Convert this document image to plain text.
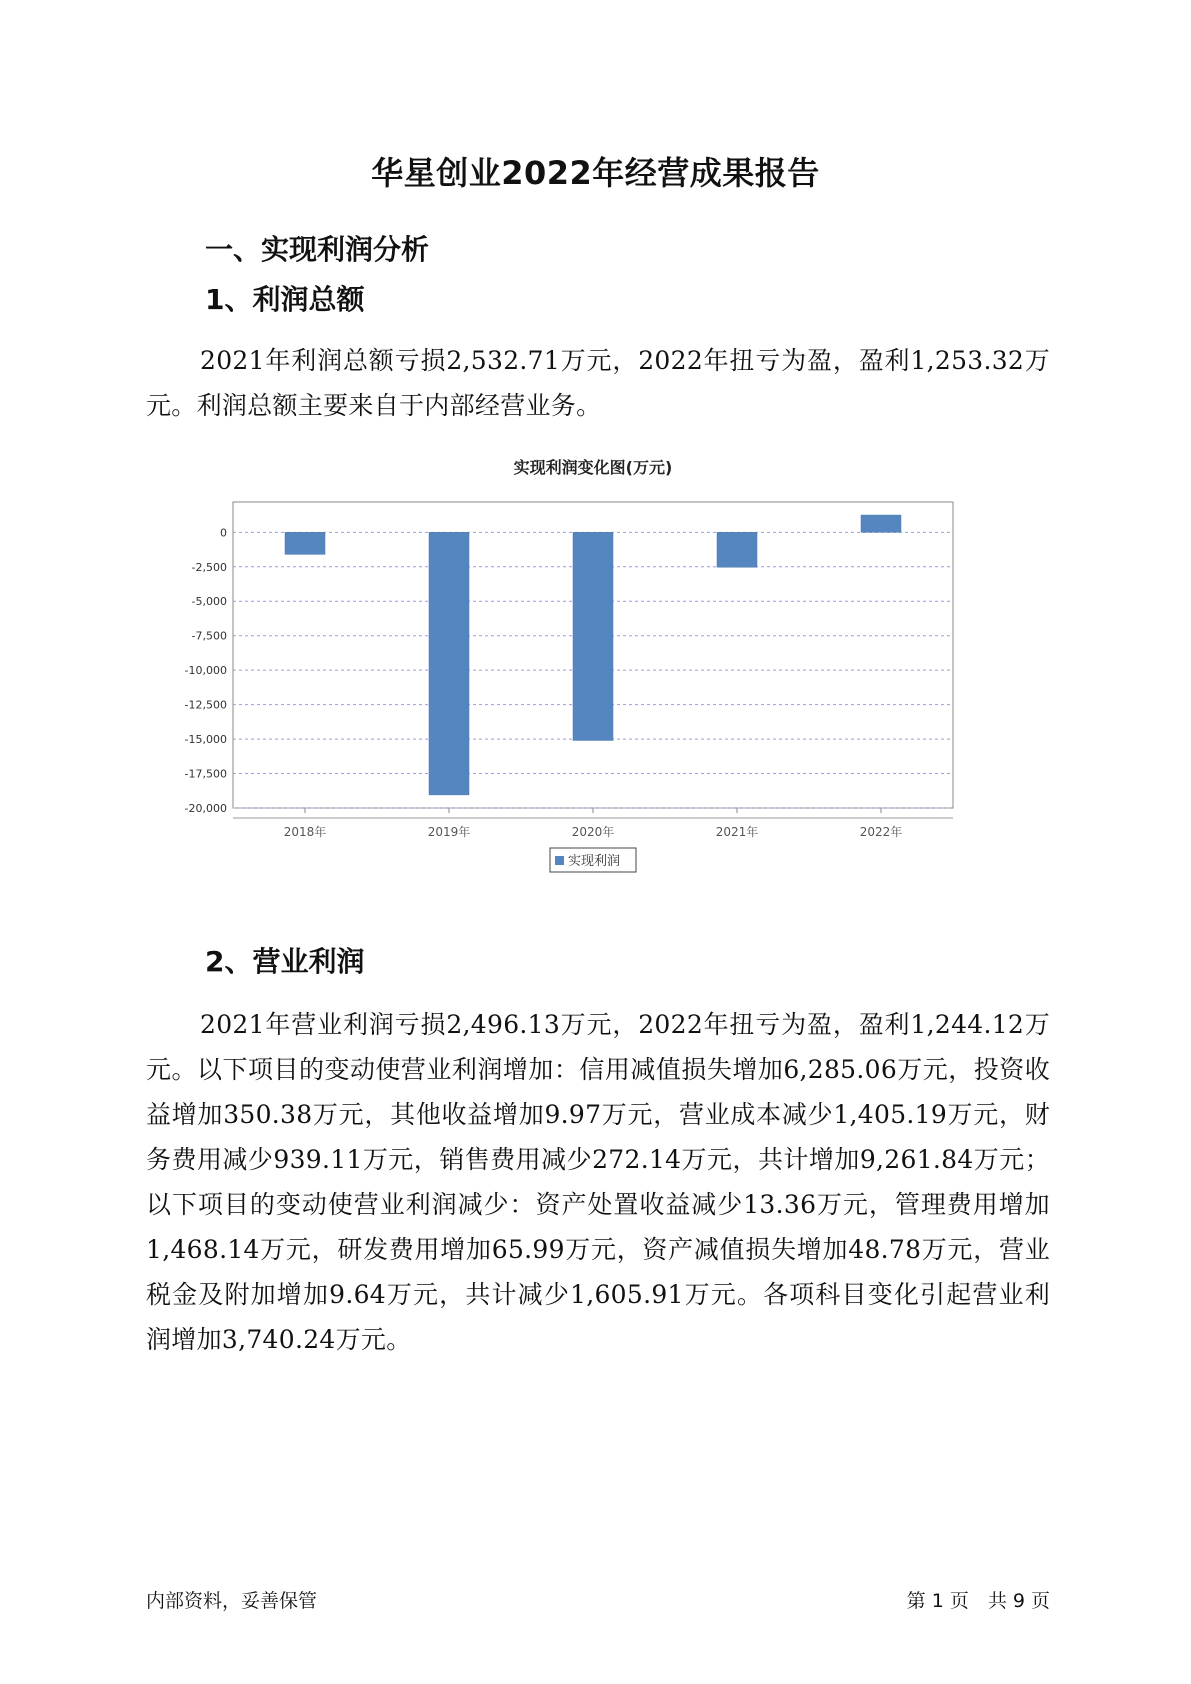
华星创业2022年经营成果报告
一、实现利润分析
1、利润总额
2021年利润总额亏损2,532.71万元，2022年扭亏为盈，盈利1,253.32万元。利润总额主要来自于内部经营业务。
实现利润变化图(万元)
0
-2,500
-5,000
-7,500
-10,000
-12,500
-15,000
-17,500
-20,000
2018年	2019年	2020年	2021年	2022年
实现利润
2、营业利润
2021年营业利润亏损2,496.13万元，2022年扭亏为盈，盈利1,244.12万元。以下项目的变动使营业利润增加：信用减值损失增加6,285.06万元，投资收益增加350.38万元，其他收益增加9.97万元，营业成本减少1,405.19万元，财务费用减少939.11万元，销售费用减少272.14万元，共计增加9,261.84万元；以下项目的变动使营业利润减少：资产处置收益减少13.36万元，管理费用增加1,468.14万元，研发费用增加65.99万元，资产减值损失增加48.78万元，营业税金及附加增加9.64万元，共计减少1,605.91万元。各项科目变化引起营业利润增加3,740.24万元。
内部资料，妥善保管	第 1 页　共 9 页
